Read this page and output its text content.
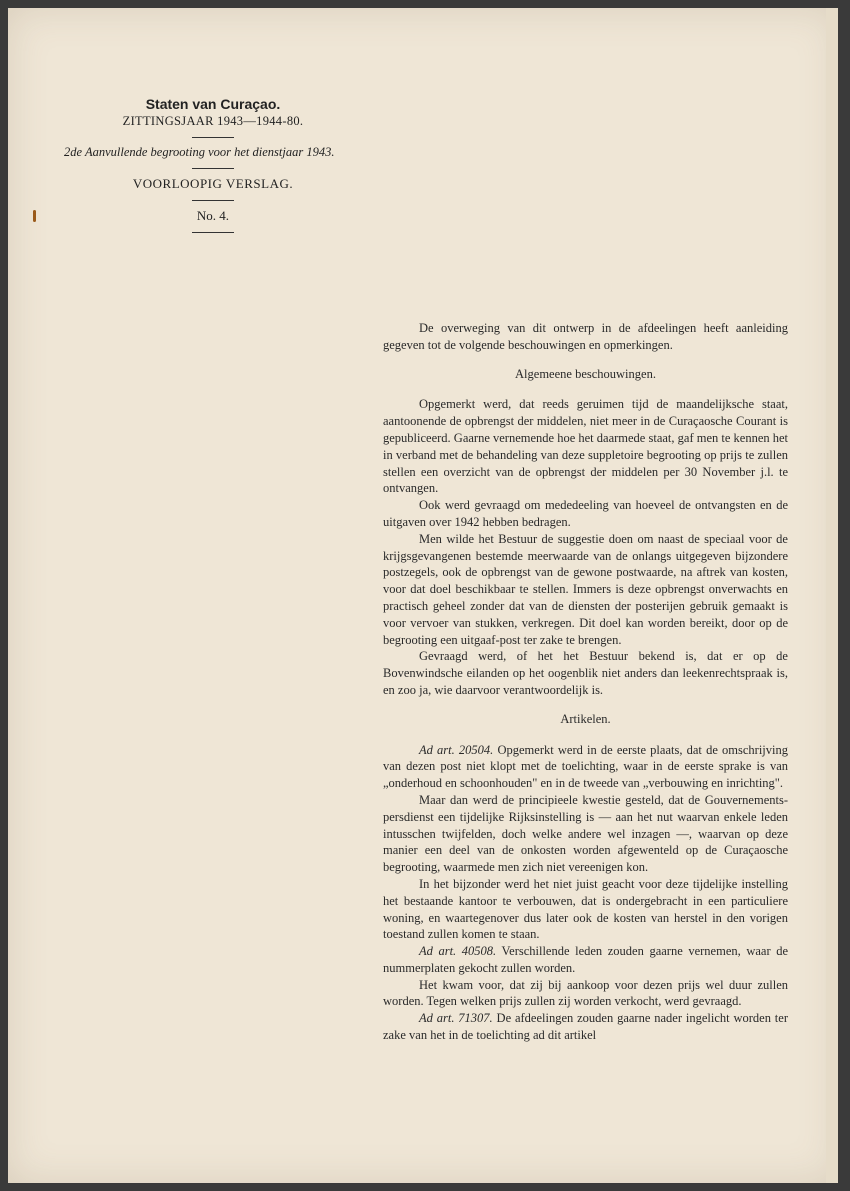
Staten van Curaçao.
ZITTINGSJAAR 1943—1944-80.
2de Aanvullende begrooting voor het dienstjaar 1943.
VOORLOOPIG VERSLAG.
No. 4.

De overweging van dit ontwerp in de afdeelingen heeft aanleiding gegeven tot de volgende beschouwingen en opmerkingen.

Algemeene beschouwingen.

Opgemerkt werd, dat reeds geruimen tijd de maandelijksche staat, aantoonende de opbrengst der middelen, niet meer in de Curaçaosche Courant is gepubliceerd. Gaarne vernemende hoe het daarmede staat, gaf men te kennen het in verband met de behandeling van deze suppletoire begrooting op prijs te zullen stellen een overzicht van de opbrengst der middelen per 30 November j.l. te ontvangen.

Ook werd gevraagd om mededeeling van hoeveel de ontvangsten en de uitgaven over 1942 hebben bedragen.

Men wilde het Bestuur de suggestie doen om naast de speciaal voor de krijgsgevangenen bestemde meerwaarde van de onlangs uitgegeven bijzondere postzegels, ook de opbrengst van de gewone postwaarde, na aftrek van kosten, voor dat doel beschikbaar te stellen. Immers is deze opbrengst onverwachts en practisch geheel zonder dat van de diensten der posterijen gebruik gemaakt is voor vervoer van stukken, verkregen. Dit doel kan worden bereikt, door op de begrooting een uitgaaf-post ter zake te brengen.

Gevraagd werd, of het het Bestuur bekend is, dat er op de Bovenwindsche eilanden op het oogenblik niet anders dan leekenrechtspraak is, en zoo ja, wie daarvoor verantwoordelijk is.

Artikelen.

Ad art. 20504. Opgemerkt werd in de eerste plaats, dat de omschrijving van dezen post niet klopt met de toelichting, waar in de eerste sprake is van „onderhoud en schoonhouden" en in de tweede van „verbouwing en inrichting".

Maar dan werd de principieele kwestie gesteld, dat de Gouvernements-persdienst een tijdelijke Rijksinstelling is — aan het nut waarvan enkele leden intusschen twijfelden, doch welke andere wel inzagen —, waarvan op deze manier een deel van de onkosten worden afgewenteld op de Curaçaosche begrooting, waarmede men zich niet vereenigen kon.

In het bijzonder werd het niet juist geacht voor deze tijdelijke instelling het bestaande kantoor te verbouwen, dat is ondergebracht in een particuliere woning, en waartegenover dus later ook de kosten van herstel in den vorigen toestand zullen komen te staan.

Ad art. 40508. Verschillende leden zouden gaarne vernemen, waar de nummerplaten gekocht zullen worden.

Het kwam voor, dat zij bij aankoop voor dezen prijs wel duur zullen worden. Tegen welken prijs zullen zij worden verkocht, werd gevraagd.

Ad art. 71307. De afdeelingen zouden gaarne nader ingelicht worden ter zake van het in de toelichting ad dit artikel
